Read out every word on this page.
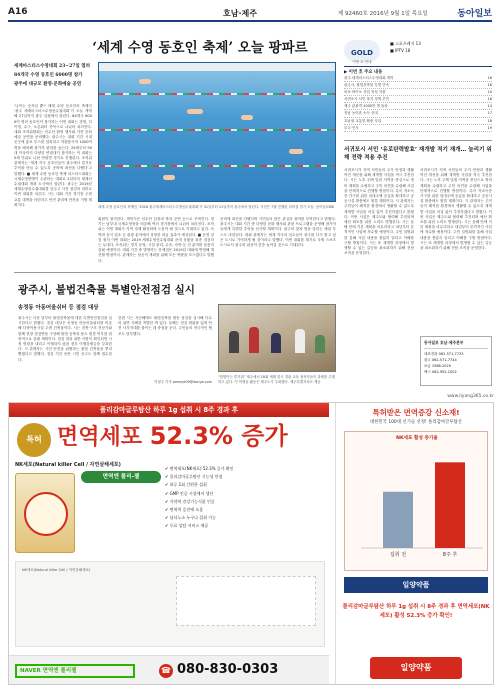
A16	호남·제주	제 92460호 2016년 9월 1일 목요일	동아일보
‘세계 수영 동호인 축제’ 오늘 팡파르
세계마스터스수영대회 23~27일 열려
84개국 수영 동호인 6000명 참가
광주에 대규모 환영·문화예술 공연
‘나이는 숫자일 뿐!’ 세계 수영 동호인의 축제인 ‘광주 세계마스터스수영선수권대회’가 오늘 개막해 27일까지 광주 일원에서 열린다. 84개국 6000여 명의 동호인이 참가하는 이번 대회는 경영, 다이빙, 수구, 오픈워터 종목으로 나뉘어 치러진다. 대회 조직위원회는 선수단 환영 행사와 각종 문화예술 공연을 준비했다. 광주시는 대회 기간 시내 곳곳에 홍보 부스를 설치하고 자원봉사자 1000여 명을 배치해 참가자 편의를 돕는다. 25세부터 90대 이상까지 다양한 연령대가 참가하는 이 대회는 5세 단위로 나뉜 연령별 경기로 진행된다. 조직위 관계자는 ‘세계 각국 동호인들이 광주에서 즐거운 추억을 만들 수 있도록 준비에 최선을 다했다’고 말했다. ■ 세계 수영 동호인 축제 마스터스대회는 국제수영연맹이 주관하는 대회로 2년마다 세계선수권대회 개최 도시에서 열린다. 광주는 2019년 세계수영선수권대회를 앞두고 사전 점검의 의미로 이번 대회를 치른다. 시는 대회 기간 경기장 주변 교통 대책을 마련하고 안전 관리에 만전을 기할 계획이다.
세계 수영 동호인의 축제인 ‘2016 광주세계마스터스수영선수권대회’가 31일부터 11일까지 광주에서 열린다. 사진은 7월 진행된 리허설 경기 모습. 동아일보DB
회원이 참가한다. 개막식은 선수단 입장과 축하 공연 등으로 꾸며진다. 경기는 남부대 국제수영장을 비롯해 여러 경기장에서 나뉘어 치러진다. 조직위는 이번 대회가 지역 경제 활성화에 도움이 될 것으로 기대하고 있다. 숙박과 음식 업소 등 관광 분야에서 상당한 파급 효과가 예상된다. ■ 운영 점검 철저 이번 대회는 2019 세계수영선수권대회 준비 상황을 최종 점검하는 무대다. 조직위는 경기 운영, 시설 관리, 수송, 숙박 등 전 분야를 꼼꼼히 살필 예정이다. 대회 기간 중 발생하는 문제점은 2019년 대회에 반영해 개선할 방침이다. 관계자는 성공적 개최를 위해 모든 역량을 모으겠다고 말했다.
준비에 최선을 다했다며 시민들의 많은 관심과 참여를 부탁한다고 밝혔다. 광주시는 대회 기간 중 다양한 문화 행사와 관광 프로그램을 운영해 참가자들에게 특별한 추억을 선사할 계획이다. 광주의 맛과 멋을 알리는 체험 부스도 마련된다. 대회 관계자는 세계 각국의 선수들이 광주를 다시 찾고 싶은 도시로 기억하게 될 것이라고 말했다. 이번 대회를 계기로 국제 스포츠 도시로서 광주의 위상이 한층 높아질 것으로 기대된다.
GOLD
이번 호 안내
■ 스포츠레저 13
■ IPTV 18
▶ 이번 호 주요 내용
광주 세계마스터스수영대회 개막	16
광주시, 불법건축물 특별 단속	16
의료·바이오 산업 육성 지원	15
서귀포시 서민 복지 정책 추진	16
제주 관광객 1000만 명 돌파	14
전남 농어촌 소득 증대	17
호남권 교통망 확충 사업	18
부고·인사	19
서귀포시 서민 ‘유로탄력발효’ 재개발 적기 재개… 늘리기 위해 전략 적용 추진
서귀포시가 지역 서민들의 주거 안정과 생활 여건 개선을 위해 재개발 사업을 적극 추진한다. 시는 노후 주택 밀집 지역을 중심으로 정비 계획을 수립하고 주민 의견을 수렴해 사업을 단계적으로 진행할 방침이다. 특히 저소득층 가구를 위한 임대주택 공급을 확대하고 공공시설 확충에도 힘쓸 계획이다. 시 관계자는 주민들이 쾌적한 환경에서 생활할 수 있도록 재개발 사업을 차질 없이 추진하겠다고 밝혔다. 이번 사업은 제주도와 협력해 추진되며 예산 확보를 위한 노력도 병행한다. 시는 올해 안에 기본 계획을 마무리하고 내년부터 본격적인 사업에 착수할 예정이다. 주민 설명회를 통해 사업 내용을 충분히 알리고 이해를 구할 방침이다. 시는 또 재개발 과정에서 발생할 수 있는 갈등을 최소화하기 위해 전담 조직을 운영한다.
서귀포시가 지역 서민들의 주거 안정과 생활 여건 개선을 위해 재개발 사업을 적극 추진한다. 시는 노후 주택 밀집 지역을 중심으로 정비 계획을 수립하고 주민 의견을 수렴해 사업을 단계적으로 진행할 방침이다. 특히 저소득층 가구를 위한 임대주택 공급을 확대하고 공공시설 확충에도 힘쓸 계획이다. 시 관계자는 주민들이 쾌적한 환경에서 생활할 수 있도록 재개발 사업을 차질 없이 추진하겠다고 밝혔다. 이번 사업은 제주도와 협력해 추진되며 예산 확보를 위한 노력도 병행한다. 시는 올해 안에 기본 계획을 마무리하고 내년부터 본격적인 사업에 착수할 예정이다. 주민 설명회를 통해 사업 내용을 충분히 알리고 이해를 구할 방침이다. 시는 또 재개발 과정에서 발생할 수 있는 갈등을 최소화하기 위해 전담 조직을 운영한다.
동아일보 호남·제주본부
대표전화 062-571-7733
광고 062-571-7744
보급 1588-2020
팩스 062-952-1002
광주시, 불법건축물 특별안전점검 실시
송정동 아동어울쉬터 등 점검 대상
광주시는 다음 달부터 불법건축물에 대한 특별안전점검을 실시한다고 밝혔다. 점검 대상은 송정동 아동어울쉬터를 비롯해 다중이용시설 주변 건축물이다. 시는 건축·구조 전문가와 함께 현장 점검반을 구성해 불법 증축과 용도 변경 여부를 집중적으로 살필 계획이다. 점검 결과 위반 사항이 확인되면 시정 명령을 내리고 이행하지 않을 경우 이행강제금을 부과한다. 시 관계자는 시민 안전을 위협하는 불법 건축물을 뿌리 뽑겠다고 말했다. 점검 기간 동안 시민 신고도 함께 접수한다.
한편 시는 지난해에도 불법건축물 합동 점검을 실시해 다수의 위반 사례를 적발한 바 있다. 올해는 점검 범위를 넓혀 안전 사각지대를 줄이는 데 중점을 둔다. 주민들의 적극적인 협조도 당부했다.
이형주 기자 peneye09@donga.com
“한밤이는 즐거워” 제주에서 18회 세계 한국 경관 교육 참석자들이 과제를 수행하고 있다. 이 학생들 활동은 제주도가 주최했다. 제주특별자치도 제공
www.ilyang365.co.kr
폴리감마글루탐산 하루 1g 섭취 시 8주 경과 후
특허 면역세포 52.3% 증가
NK세포(Natural killer Cell / 자연살해세포)
면역엔 폴리-젤
✔ 면역세포(NK세포) 52.3% 증가 확인
✔ 폴리감마글루탐산 기능성 인정
✔ 하루 1회 간편한 섭취
✔ GMP 인증 시설에서 생산
✔ 식약처 건강기능식품 인증
✔ 면역력 증진에 도움
✔ 남녀노소 누구나 섭취 가능
✔ 무료 상담 서비스 제공
NK세포(Natural killer Cell / 자연살해세포)
NAVER 면역엔 폴리젤	☎ 080-830-0303
특허받은 면역증강 신소재!
대한민국 100대 신기술 선정! 폴리감마글루탐산
NK세포 활성 증가율
섭취 전	8주 후
일양약품
폴리감마글루탐산 하루 1g 섭취 시 8주 경과 후 면역세포(NK세포) 활성 52.3% 증가 확인!
일양약품
